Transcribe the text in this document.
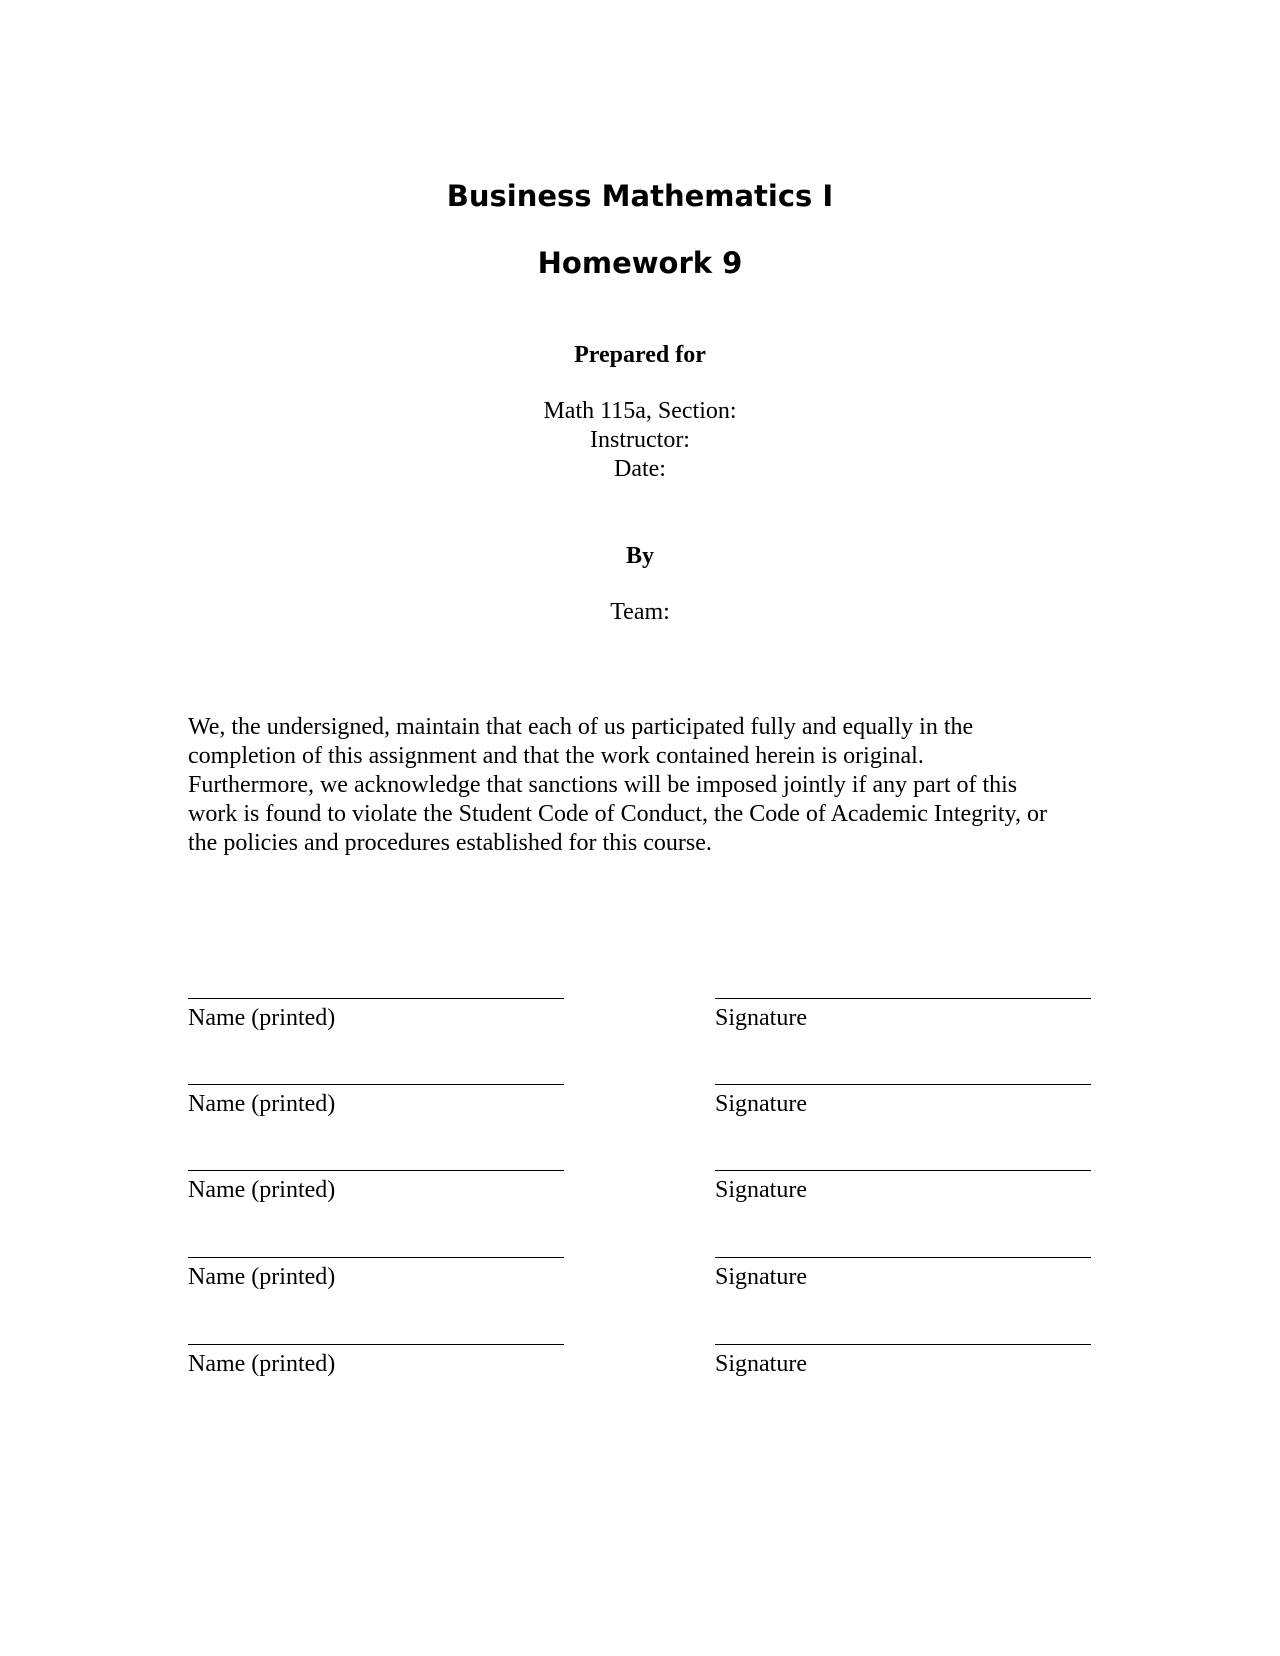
Business Mathematics I
Homework 9
Prepared for
Math 115a, Section:
Instructor:
Date:
By
Team:
We, the undersigned, maintain that each of us participated fully and equally in the
completion of this assignment and that the work contained herein is original.
Furthermore, we acknowledge that sanctions will be imposed jointly if any part of this
work is found to violate the Student Code of Conduct, the Code of Academic Integrity, or
the policies and procedures established for this course.
Name (printed)	Signature
Name (printed)	Signature
Name (printed)	Signature
Name (printed)	Signature
Name (printed)	Signature
